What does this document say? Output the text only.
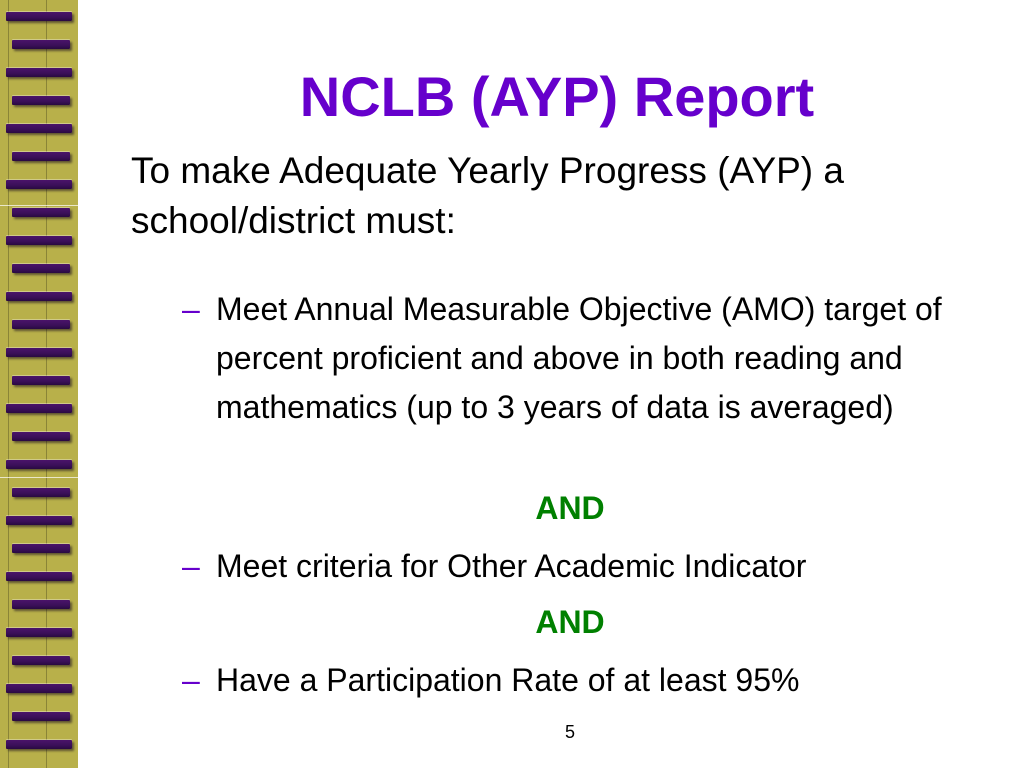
NCLB (AYP) Report
To make Adequate Yearly Progress (AYP) a school/district must:
– Meet Annual Measurable Objective (AMO) target of percent proficient and above in both reading and mathematics (up to 3 years of data is averaged)
AND
– Meet criteria for Other Academic Indicator
AND
– Have a Participation Rate of at least 95%
5
